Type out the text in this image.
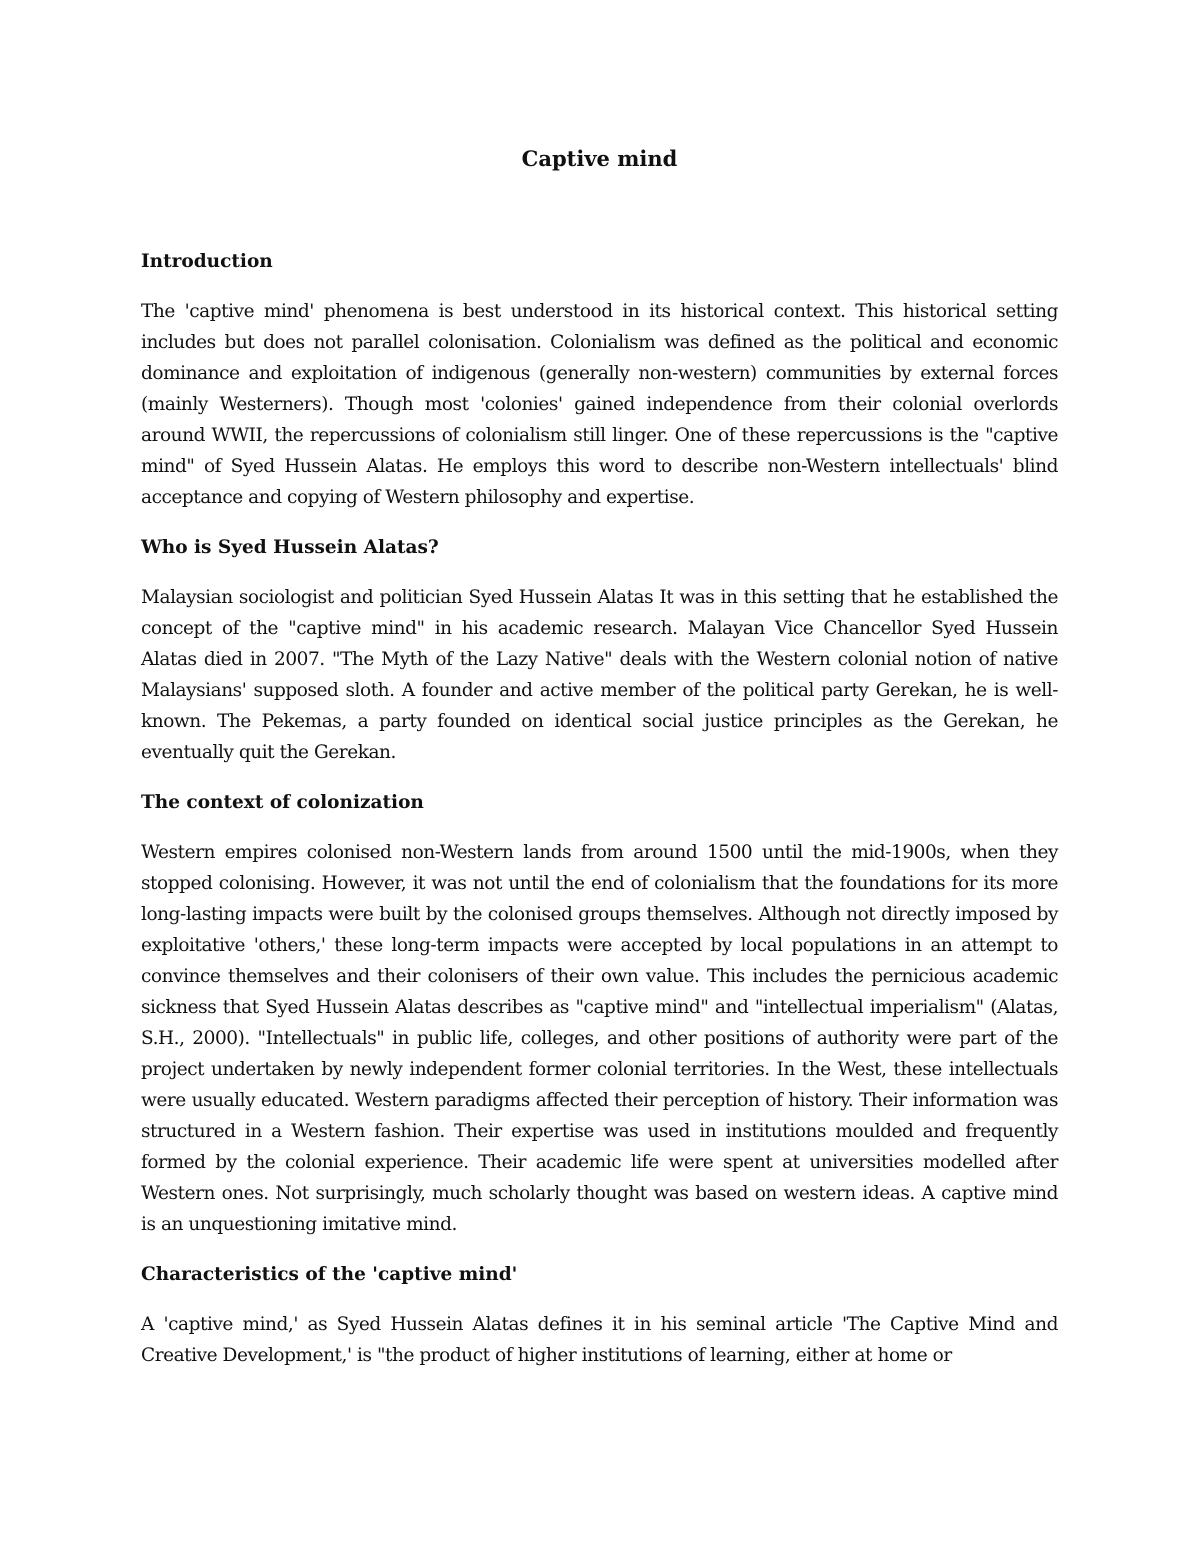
Captive mind
Introduction

The 'captive mind' phenomena is best understood in its historical context. This historical setting includes but does not parallel colonisation. Colonialism was defined as the political and economic dominance and exploitation of indigenous (generally non-western) communities by external forces (mainly Westerners). Though most 'colonies' gained independence from their colonial overlords around WWII, the repercussions of colonialism still linger. One of these repercussions is the "captive mind" of Syed Hussein Alatas. He employs this word to describe non-Western intellectuals' blind acceptance and copying of Western philosophy and expertise.

Who is Syed Hussein Alatas?

Malaysian sociologist and politician Syed Hussein Alatas It was in this setting that he established the concept of the "captive mind" in his academic research. Malayan Vice Chancellor Syed Hussein Alatas died in 2007. "The Myth of the Lazy Native" deals with the Western colonial notion of native Malaysians' supposed sloth. A founder and active member of the political party Gerekan, he is well-known. The Pekemas, a party founded on identical social justice principles as the Gerekan, he eventually quit the Gerekan.

The context of colonization

Western empires colonised non-Western lands from around 1500 until the mid-1900s, when they stopped colonising. However, it was not until the end of colonialism that the foundations for its more long-lasting impacts were built by the colonised groups themselves. Although not directly imposed by exploitative 'others,' these long-term impacts were accepted by local populations in an attempt to convince themselves and their colonisers of their own value. This includes the pernicious academic sickness that Syed Hussein Alatas describes as "captive mind" and "intellectual imperialism" (Alatas, S.H., 2000). "Intellectuals" in public life, colleges, and other positions of authority were part of the project undertaken by newly independent former colonial territories. In the West, these intellectuals were usually educated. Western paradigms affected their perception of history. Their information was structured in a Western fashion. Their expertise was used in institutions moulded and frequently formed by the colonial experience. Their academic life were spent at universities modelled after Western ones. Not surprisingly, much scholarly thought was based on western ideas. A captive mind is an unquestioning imitative mind.

Characteristics of the 'captive mind'

A 'captive mind,' as Syed Hussein Alatas defines it in his seminal article 'The Captive Mind and Creative Development,' is "the product of higher institutions of learning, either at home or
